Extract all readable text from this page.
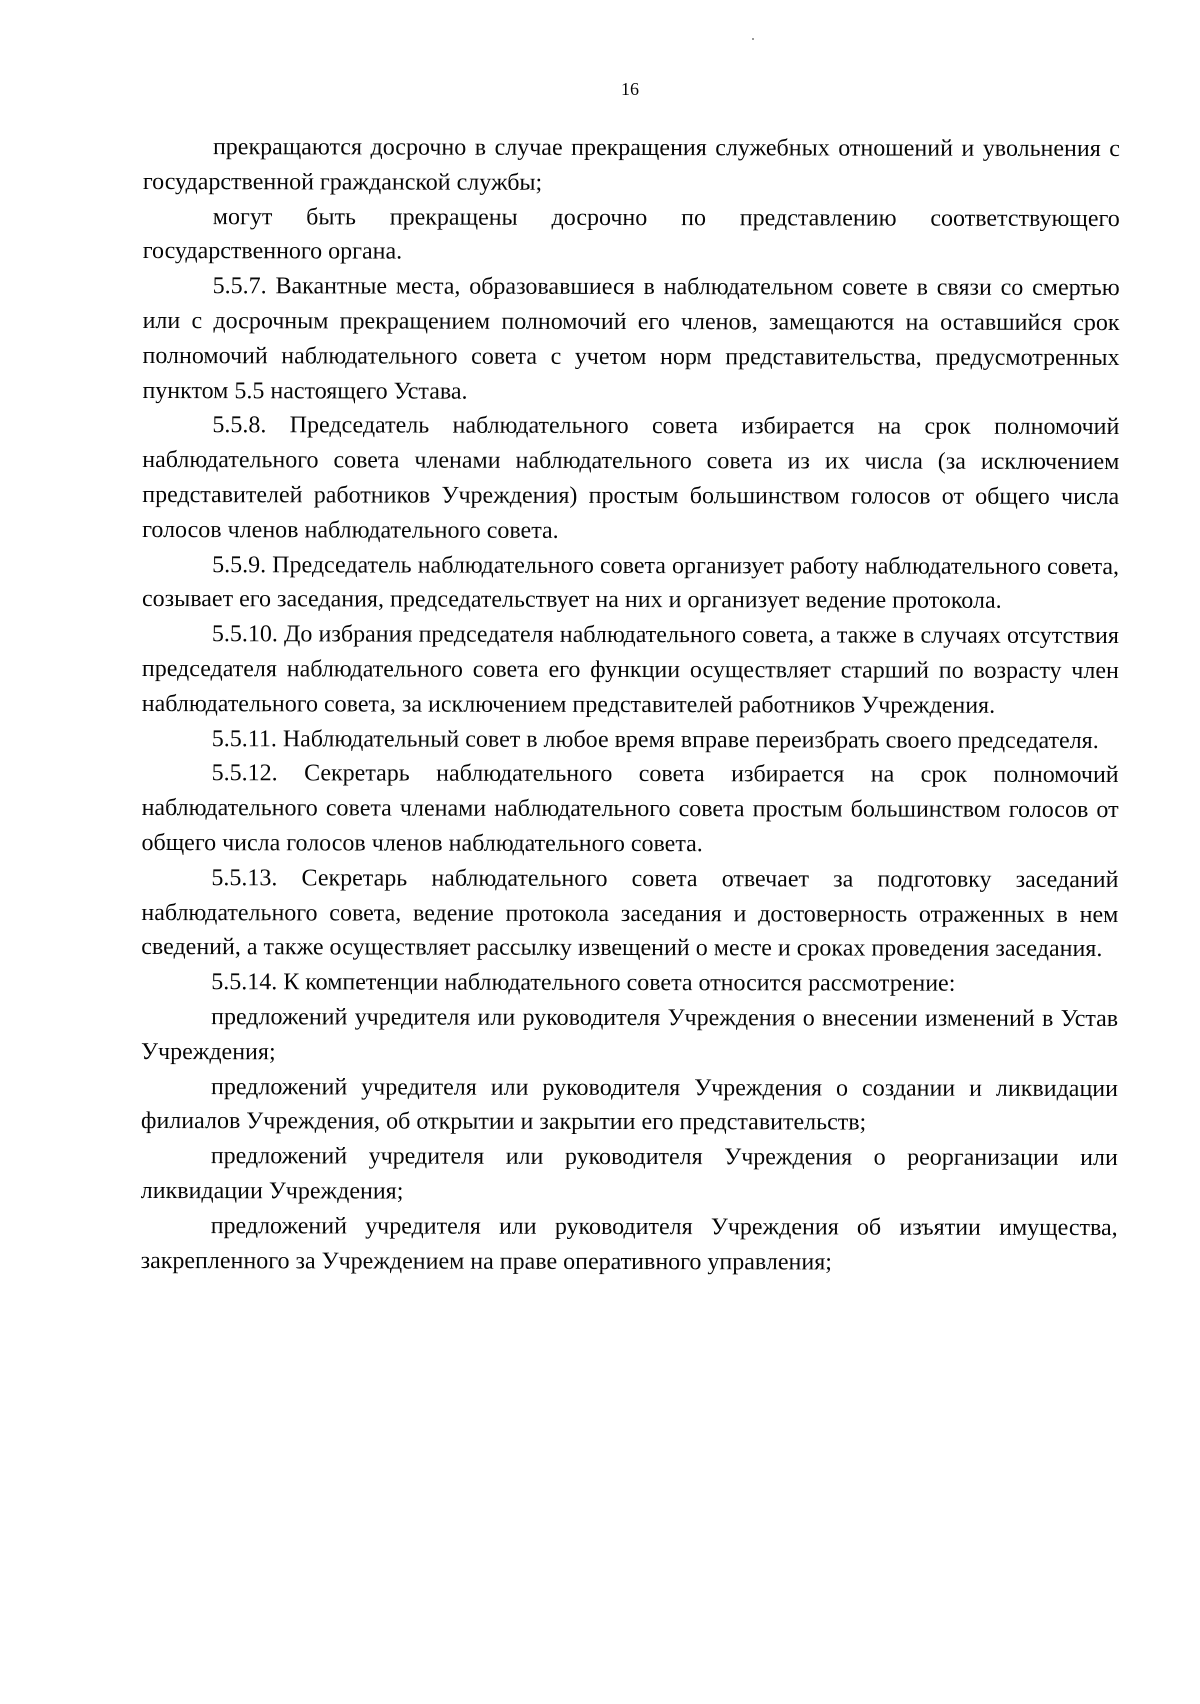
16

прекращаются досрочно в случае прекращения служебных отношений и увольнения с государственной гражданской службы;

могут быть прекращены досрочно по представлению соответствующего государственного органа.

5.5.7. Вакантные места, образовавшиеся в наблюдательном совете в связи со смертью или с досрочным прекращением полномочий его членов, замещаются на оставшийся срок полномочий наблюдательного совета с учетом норм представительства, предусмотренных пунктом 5.5 настоящего Устава.

5.5.8. Председатель наблюдательного совета избирается на срок полномочий наблюдательного совета членами наблюдательного совета из их числа (за исключением представителей работников Учреждения) простым большинством голосов от общего числа голосов членов наблюдательного совета.

5.5.9. Председатель наблюдательного совета организует работу наблюдательного совета, созывает его заседания, председательствует на них и организует ведение протокола.

5.5.10. До избрания председателя наблюдательного совета, а также в случаях отсутствия председателя наблюдательного совета его функции осуществляет старший по возрасту член наблюдательного совета, за исключением представителей работников Учреждения.

5.5.11. Наблюдательный совет в любое время вправе переизбрать своего председателя.

5.5.12. Секретарь наблюдательного совета избирается на срок полномочий наблюдательного совета членами наблюдательного совета простым большинством голосов от общего числа голосов членов наблюдательного совета.

5.5.13. Секретарь наблюдательного совета отвечает за подготовку заседаний наблюдательного совета, ведение протокола заседания и достоверность отраженных в нем сведений, а также осуществляет рассылку извещений о месте и сроках проведения заседания.

5.5.14. К компетенции наблюдательного совета относится рассмотрение:

предложений учредителя или руководителя Учреждения о внесении изменений в Устав Учреждения;

предложений учредителя или руководителя Учреждения о создании и ликвидации филиалов Учреждения, об открытии и закрытии его представительств;

предложений учредителя или руководителя Учреждения о реорганизации или ликвидации Учреждения;

предложений учредителя или руководителя Учреждения об изъятии имущества, закрепленного за Учреждением на праве оперативного управления;
